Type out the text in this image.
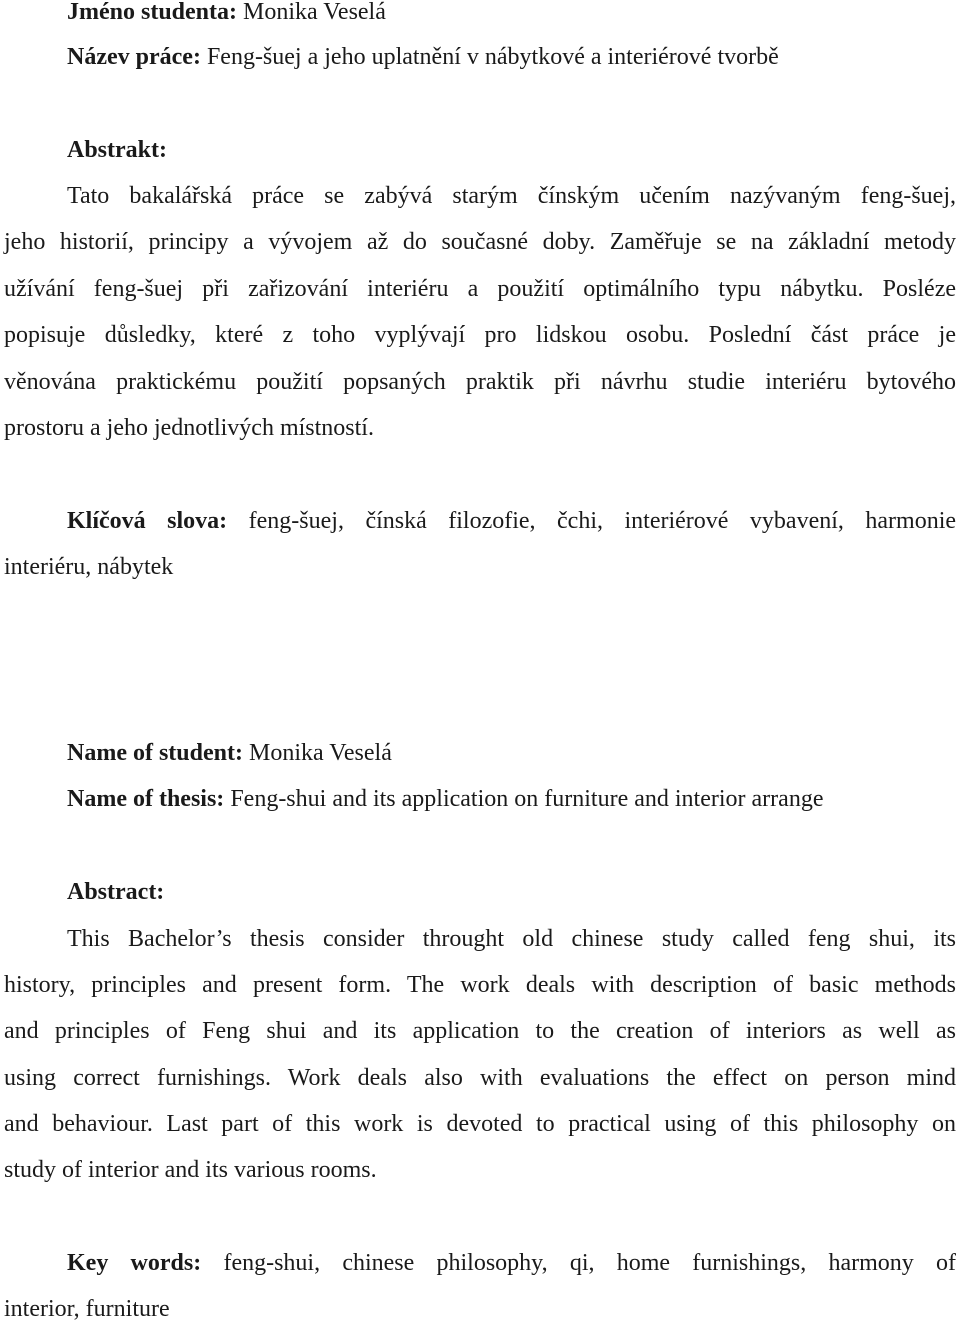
Jméno studenta: Monika Veselá
Název práce: Feng-šuej a jeho uplatnění v nábytkové a interiérové tvorbě
Abstrakt:
Tato bakalářská práce se zabývá starým čínským učením nazývaným feng-šuej,
jeho historií, principy a vývojem až do současné doby. Zaměřuje se na základní metody
užívání feng-šuej při zařizování interiéru a použití optimálního typu nábytku. Posléze
popisuje důsledky, které z toho vyplývají pro lidskou osobu. Poslední část práce je
věnována praktickému použití popsaných praktik při návrhu studie interiéru bytového
prostoru a jeho jednotlivých místností.
Klíčová slova: feng-šuej, čínská filozofie, čchi, interiérové vybavení, harmonie
interiéru, nábytek
Name of student: Monika Veselá
Name of thesis: Feng-shui and its application on furniture and interior arrange
Abstract:
This Bachelor’s thesis consider throught old chinese study called feng shui, its
history, principles and present form. The work deals with description of basic methods
and principles of Feng shui and its application to the creation of interiors as well as
using correct furnishings. Work deals also with evaluations the effect on person mind
and behaviour. Last part of this work is devoted to practical using of this philosophy on
study of interior and its various rooms.
Key words: feng-shui, chinese philosophy, qi, home furnishings, harmony of
interior, furniture
